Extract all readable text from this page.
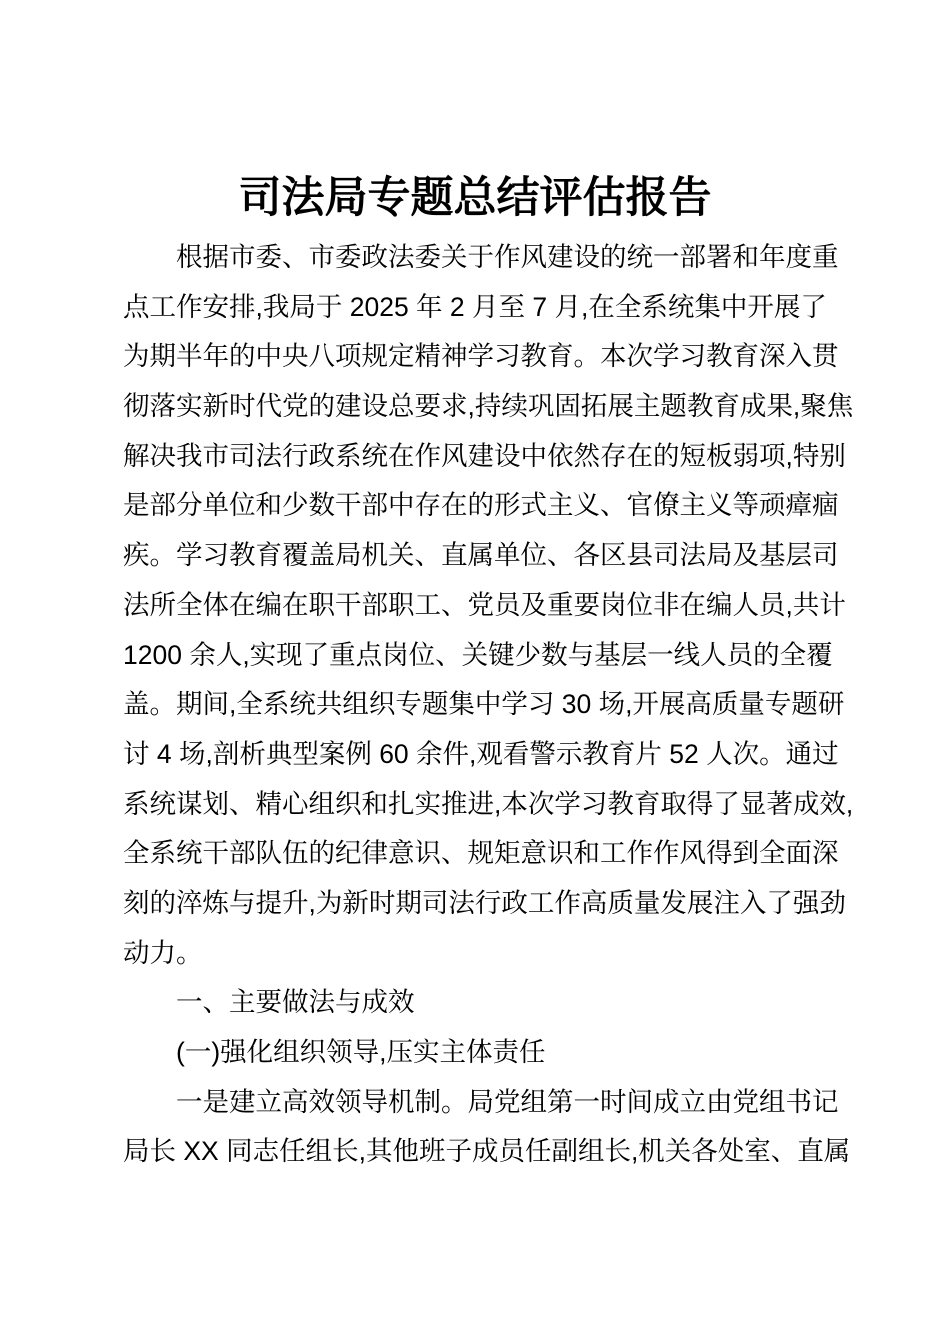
司法局专题总结评估报告
根据市委、市委政法委关于作风建设的统一部署和年度重
点工作安排,我局于 2025 年 2 月至 7 月,在全系统集中开展了
为期半年的中央八项规定精神学习教育。本次学习教育深入贯
彻落实新时代党的建设总要求,持续巩固拓展主题教育成果,聚焦
解决我市司法行政系统在作风建设中依然存在的短板弱项,特别
是部分单位和少数干部中存在的形式主义、官僚主义等顽瘴痼
疾。学习教育覆盖局机关、直属单位、各区县司法局及基层司
法所全体在编在职干部职工、党员及重要岗位非在编人员,共计
1200 余人,实现了重点岗位、关键少数与基层一线人员的全覆
盖。期间,全系统共组织专题集中学习 30 场,开展高质量专题研
讨 4 场,剖析典型案例 60 余件,观看警示教育片 52 人次。通过
系统谋划、精心组织和扎实推进,本次学习教育取得了显著成效,
全系统干部队伍的纪律意识、规矩意识和工作作风得到全面深
刻的淬炼与提升,为新时期司法行政工作高质量发展注入了强劲
动力。
一、主要做法与成效
(一)强化组织领导,压实主体责任
一是建立高效领导机制。局党组第一时间成立由党组书记
局长 XX 同志任组长,其他班子成员任副组长,机关各处室、直属
